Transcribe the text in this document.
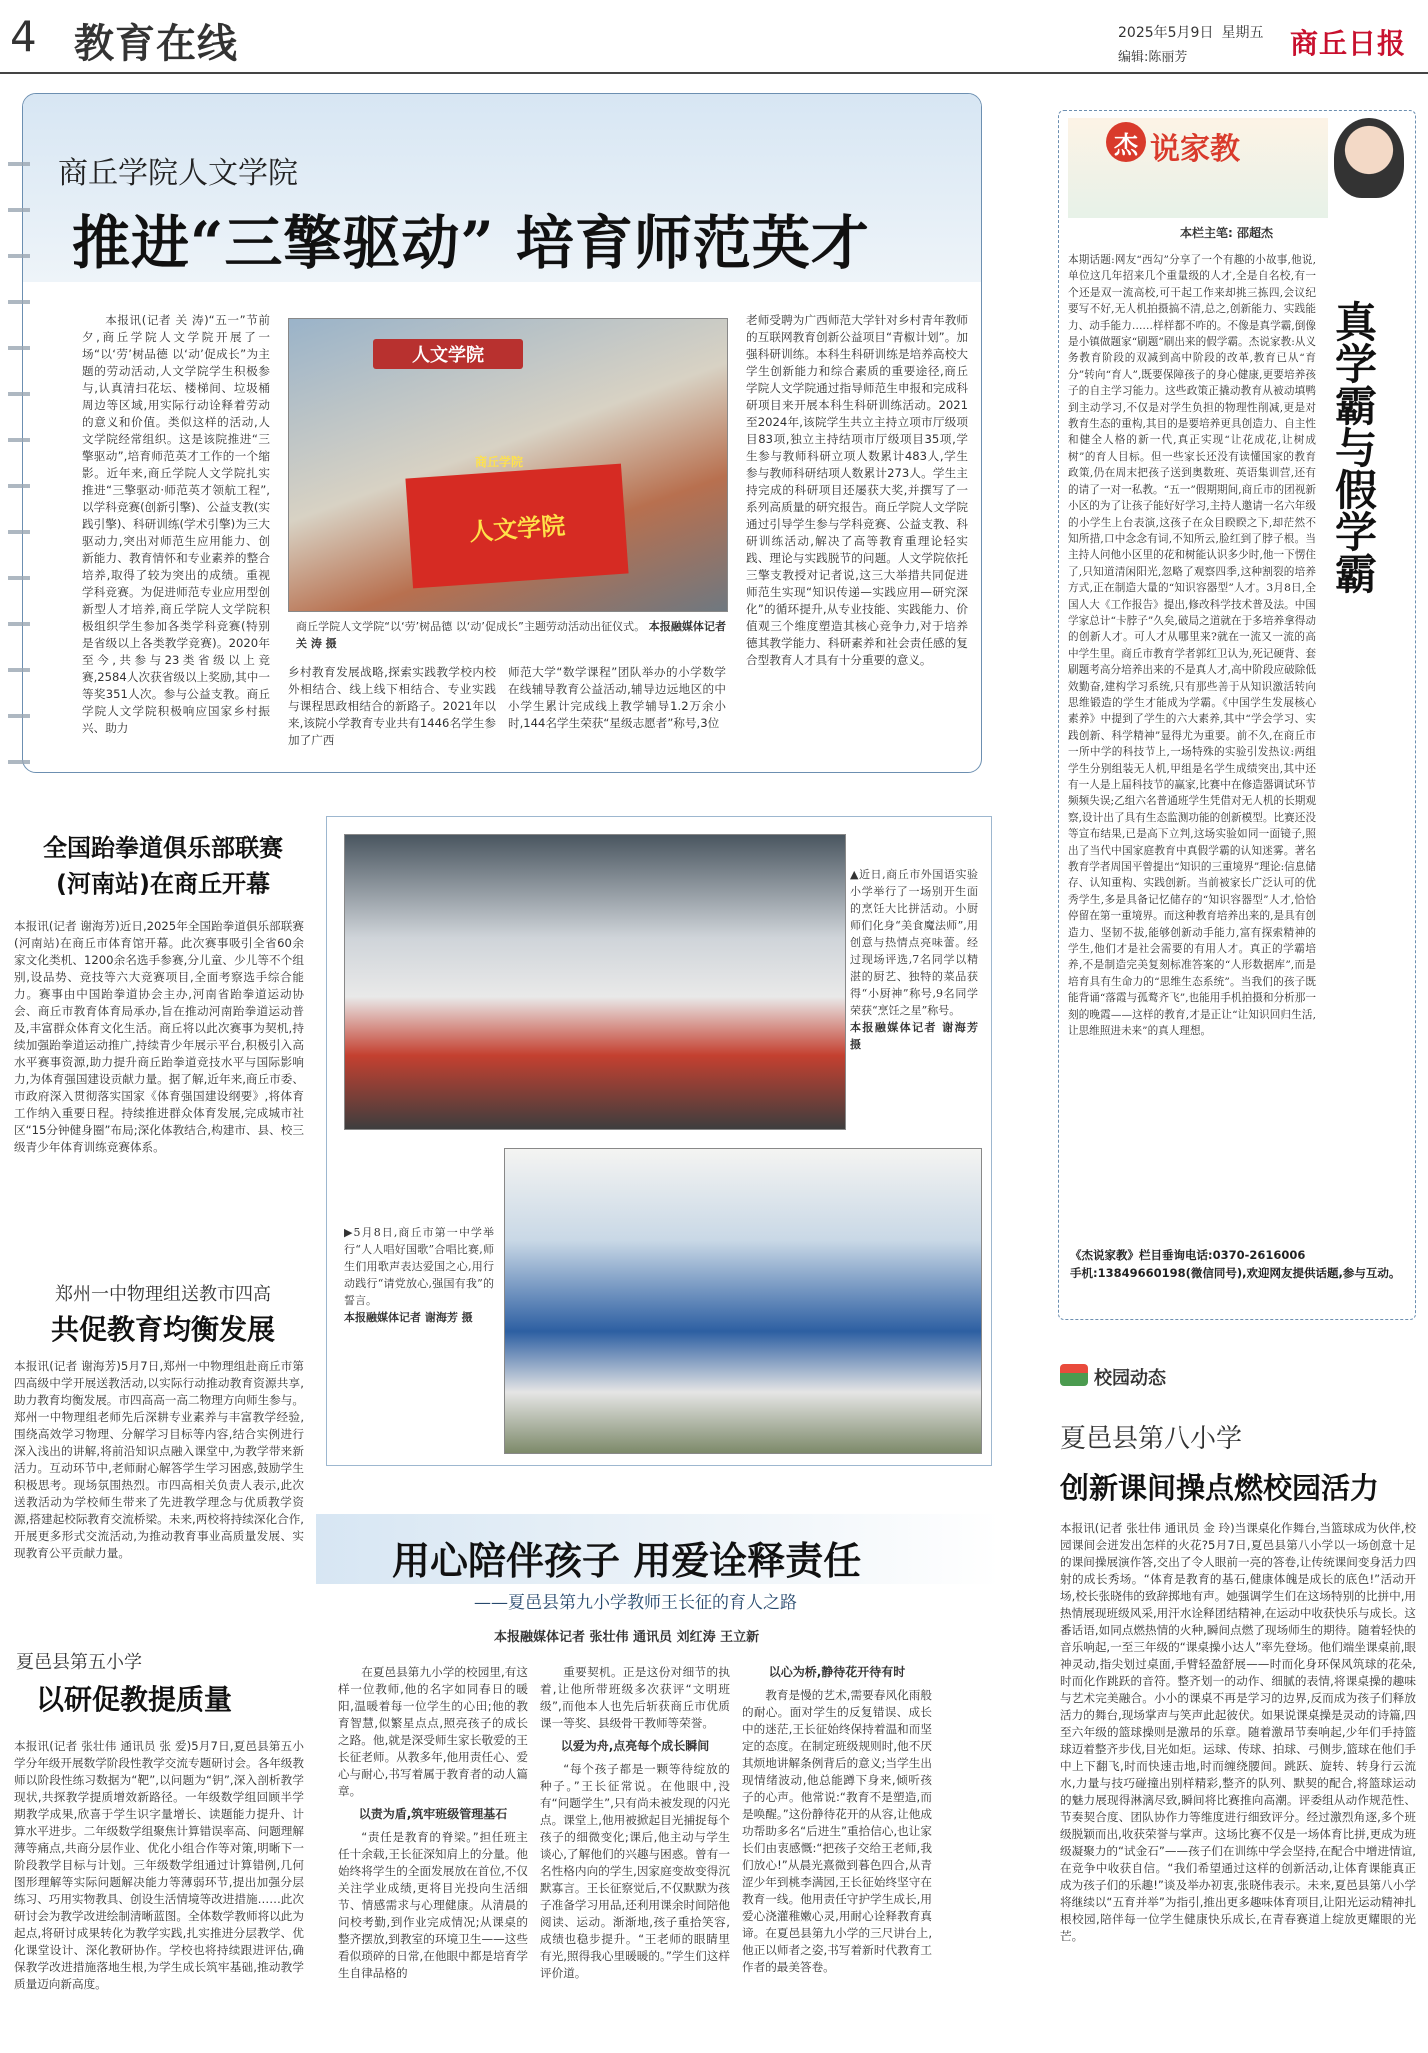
4 教育在线	2025年5月9日 星期五
编辑:陈丽芳	商丘日报
商丘学院人文学院
推进“三擎驱动” 培育师范英才

本报讯(记者 关 涛)“五一”节前夕,商丘学院人文学院开展了一场“以‘劳’树品德 以‘动’促成长”为主题的劳动活动,人文学院学生积极参与,认真清扫花坛、楼梯间、垃圾桶周边等区域,用实际行动诠释着劳动的意义和价值。类似这样的活动,人文学院经常组织。这是该院推进“三擎驱动”,培育师范英才工作的一个缩影。近年来,商丘学院人文学院扎实推进“三擎驱动·师范英才领航工程”,以学科竞赛(创新引擎)、公益支教(实践引擎)、科研训练(学术引擎)为三大驱动力,突出对师范生应用能力、创新能力、教育情怀和专业素养的整合培养,取得了较为突出的成绩。重视学科竞赛。为促进师范专业应用型创新型人才培养,商丘学院人文学院积极组织学生参加各类学科竞赛(特别是省级以上各类教学竞赛)。2020年至今,共参与23类省级以上竞赛,2584人次获省级以上奖励,其中一等奖351人次。参与公益支教。商丘学院人文学院积极响应国家乡村振兴、助力

人文学院
人文学院
商丘学院
商丘学院人文学院“以‘劳’树品德 以‘动’促成长”主题劳动活动出征仪式。 本报融媒体记者 关 涛 摄
乡村教育发展战略,探索实践教学校内校外相结合、线上线下相结合、专业实践与课程思政相结合的新路子。2021年以来,该院小学教育专业共有1446名学生参加了广西
师范大学“数学课程”团队举办的小学数学在线辅导教育公益活动,辅导边远地区的中小学生累计完成线上教学辅导1.2万余小时,144名学生荣获“星级志愿者”称号,3位
老师受聘为广西师范大学针对乡村青年教师的互联网教育创新公益项目“青椒计划”。加强科研训练。本科生科研训练是培养高校大学生创新能力和综合素质的重要途径,商丘学院人文学院通过指导师范生申报和完成科研项目来开展本科生科研训练活动。2021至2024年,该院学生共立主持立项市厅级项目83项,独立主持结项市厅级项目35项,学生参与教师科研立项人数累计483人,学生参与教师科研结项人数累计273人。学生主持完成的科研项目还屡获大奖,并撰写了一系列高质量的研究报告。商丘学院人文学院通过引导学生参与学科竞赛、公益支教、科研训练活动,解决了高等教育重理论轻实践、理论与实践脱节的问题。人文学院依托三擎支教授对记者说,这三大举措共同促进师范生实现“知识传递—实践应用—研究深化”的循环提升,从专业技能、实践能力、价值观三个维度塑造其核心竞争力,对于培养德其教学能力、科研素养和社会责任感的复合型教育人才具有十分重要的意义。
杰 说家教
本栏主笔: 邵超杰
本期话题:网友“西勾”分享了一个有趣的小故事,他说,单位这几年招来几个重量级的人才,全是自名校,有一个还是双一流高校,可干起工作来却挑三拣四,会议纪要写不好,无人机拍摄搞不清,总之,创新能力、实践能力、动手能力……样样都不咋的。不像是真学霸,倒像是小镇做题家“刷题”刷出来的假学霸。杰说家教:从义务教育阶段的双减到高中阶段的改革,教育已从“育分”转向“育人”,既要保障孩子的身心健康,更要培养孩子的自主学习能力。这些政策正撬动教育从被动填鸭到主动学习,不仅是对学生负担的物理性削减,更是对教育生态的重构,其目的是要培养更具创造力、自主性和健全人格的新一代,真正实现“让花成花,让树成树”的育人目标。但一些家长还没有读懂国家的教育政策,仍在周末把孩子送到奥数班、英语集训营,还有的请了一对一私教。“五一”假期期间,商丘市的团视新小区的为了让孩子能好好学习,主持人邀请一名六年级的小学生上台表演,这孩子在众目睽睽之下,却茫然不知所措,口中念念有词,不知所云,脸红到了脖子根。当主持人问他小区里的花和树能认识多少时,他一下愣住了,只知道清闲阳光,忽略了观察四季,这种割裂的培养方式,正在制造大量的“知识容器型”人才。3月8日,全国人大《工作报告》提出,修改科学技术普及法。中国学家总计“卡脖子”久矣,破局之道就在于多培养拿得动的创新人才。可人才从哪里来?就在一流又一流的高中学生里。商丘市教育学者郭红卫认为,死记硬背、套刷题考高分培养出来的不是真人才,高中阶段应破除低效勤奋,建构学习系统,只有那些善于从知识激活转向思维锻造的学生才能成为学霸。《中国学生发展核心素养》中提到了学生的六大素养,其中“学会学习、实践创新、科学精神”显得尤为重要。前不久,在商丘市一所中学的科技节上,一场特殊的实验引发热议:两组学生分别组装无人机,甲组是名学生成绩突出,其中还有一人是上届科技节的赢家,比赛中在修造器调试环节频频失误;乙组六名普通班学生凭借对无人机的长期观察,设计出了具有生态监测功能的创新模型。比赛还没等宣布结果,已是高下立判,这场实验如同一面镜子,照出了当代中国家庭教育中真假学霸的认知迷雾。著名教育学者周国平曾提出“知识的三重境界”理论:信息储存、认知重构、实践创新。当前被家长广泛认可的优秀学生,多是具备记忆储存的“知识容器型”人才,恰恰停留在第一重境界。而这种教育培养出来的,是具有创造力、坚韧不拔,能够创新动手能力,富有探索精神的学生,他们才是社会需要的有用人才。真正的学霸培养,不是制造完美复刻标准答案的“人形数据库”,而是培育具有生命力的“思维生态系统”。当我们的孩子既能背诵“落霞与孤鹜齐飞”,也能用手机拍摄和分析那一刻的晚霞——这样的教育,才是正让“让知识回归生活,让思维照进未来”的真人理想。
真学霸与假学霸
《杰说家教》栏目垂询电话:0370-2616006
手机:13849660198(微信同号),欢迎网友提供话题,参与互动。
全国跆拳道俱乐部联赛
(河南站)在商丘开幕
本报讯(记者 谢海芳)近日,2025年全国跆拳道俱乐部联赛(河南站)在商丘市体育馆开幕。此次赛事吸引全省60余家文化类机、1200余名选手参赛,分儿童、少儿等不个组别,设品势、竞技等六大竞赛项目,全面考察选手综合能力。赛事由中国跆拳道协会主办,河南省跆拳道运动协会、商丘市教育体育局承办,旨在推动河南跆拳道运动普及,丰富群众体育文化生活。商丘将以此次赛事为契机,持续加强跆拳道运动推广,持续青少年展示平台,积极引入高水平赛事资源,助力提升商丘跆拳道竞技水平与国际影响力,为体育强国建设贡献力量。据了解,近年来,商丘市委、市政府深入贯彻落实国家《体育强国建设纲要》,将体育工作纳入重要日程。持续推进群众体育发展,完成城市社区“15分钟健身圈”布局;深化体教结合,构建市、县、校三级青少年体育训练竞赛体系。
▲近日,商丘市外国语实验小学举行了一场别开生面的烹饪大比拼活动。小厨师们化身“美食魔法师”,用创意与热情点亮味蕾。经过现场评选,7名同学以精湛的厨艺、独特的菜品获得“小厨神”称号,9名同学荣获“烹饪之星”称号。
本报融媒体记者 谢海芳 摄
▶5月8日,商丘市第一中学举行“人人唱好国歌”合唱比赛,师生们用歌声表达爱国之心,用行动践行“请党放心,强国有我”的誓言。
本报融媒体记者 谢海芳 摄
郑州一中物理组送教市四高
共促教育均衡发展
本报讯(记者 谢海芳)5月7日,郑州一中物理组赴商丘市第四高级中学开展送教活动,以实际行动推动教育资源共享,助力教育均衡发展。市四高高一高二物理方向师生参与。郑州一中物理组老师先后深耕专业素养与丰富教学经验,围绕高效学习物理、分解学习目标等内容,结合实例进行深入浅出的讲解,将前沿知识点融入课堂中,为教学带来新活力。互动环节中,老师耐心解答学生学习困惑,鼓励学生积极思考。现场氛围热烈。市四高相关负责人表示,此次送教活动为学校师生带来了先进教学理念与优质教学资源,搭建起校际教育交流桥梁。未来,两校将持续深化合作,开展更多形式交流活动,为推动教育事业高质量发展、实现教育公平贡献力量。
夏邑县第五小学
以研促教提质量
本报讯(记者 张壮伟 通讯员 张 爱)5月7日,夏邑县第五小学分年级开展数学阶段性教学交流专题研讨会。各年级教师以阶段性练习数据为“靶”,以问题为“钥”,深入剖析教学现状,共探教学提质增效新路径。一年级数学组回顾半学期教学成果,欣喜于学生识字量增长、读题能力提升、计算水平进步。二年级数学组聚焦计算错误率高、问题理解薄等痛点,共商分层作业、优化小组合作等对策,明晰下一阶段教学目标与计划。三年级数学组通过计算错例,几何图形理解等实际问题解决能力等薄弱环节,提出加强分层练习、巧用实物教具、创设生活情境等改进措施……此次研讨会为教学改进绘制清晰蓝图。全体数学教师将以此为起点,将研讨成果转化为教学实践,扎实推进分层教学、优化课堂设计、深化教研协作。学校也将持续跟进评估,确保教学改进措施落地生根,为学生成长筑牢基础,推动教学质量迈向新高度。
用心陪伴孩子 用爱诠释责任
——夏邑县第九小学教师王长征的育人之路
本报融媒体记者 张壮伟 通讯员 刘红涛 王立新

在夏邑县第九小学的校园里,有这样一位教师,他的名字如同春日的暖阳,温暖着每一位学生的心田;他的教育智慧,似繁星点点,照亮孩子的成长之路。他,就是深受师生家长敬爱的王长征老师。从教多年,他用责任心、爱心与耐心,书写着属于教育者的动人篇章。

以责为盾,筑牢班级管理基石

“责任是教育的脊梁。”担任班主任十余载,王长征深知肩上的分量。他始终将学生的全面发展放在首位,不仅关注学业成绩,更将目光投向生活细节、情感需求与心理健康。从清晨的问校考勤,到作业完成情况;从课桌的整齐摆放,到教室的环境卫生——这些看似琐碎的日常,在他眼中都是培育学生自律品格的

重要契机。正是这份对细节的执着,让他所带班级多次获评“文明班级”,而他本人也先后斩获商丘市优质课一等奖、县级骨干教师等荣誉。

以爱为舟,点亮每个成长瞬间

“每个孩子都是一颗等待绽放的种子。”王长征常说。在他眼中,没有“问题学生”,只有尚未被发现的闪光点。课堂上,他用被掀起目光捕捉每个孩子的细微变化;课后,他主动与学生谈心,了解他们的兴趣与困惑。曾有一名性格内向的学生,因家庭变故变得沉默寡言。王长征察觉后,不仅默默为孩子准备学习用品,还利用课余时间陪他阅读、运动。渐渐地,孩子重拾笑容,成绩也稳步提升。“王老师的眼睛里有光,照得我心里暖暖的。”学生们这样评价道。

以心为桥,静待花开待有时

教育是慢的艺术,需要春风化雨般的耐心。面对学生的反复错误、成长中的迷茫,王长征始终保持着温和而坚定的态度。在制定班级规则时,他不厌其烦地讲解条例背后的意义;当学生出现情绪波动,他总能蹲下身来,倾听孩子的心声。他常说:“教育不是塑造,而是唤醒。”这份静待花开的从容,让他成功帮助多名“后进生”重拾信心,也让家长们由衷感慨:“把孩子交给王老师,我们放心!”从晨光熹微到暮色四合,从青涩少年到桃李满园,王长征始终坚守在教育一线。他用责任守护学生成长,用爱心浇灌稚嫩心灵,用耐心诠释教育真谛。在夏邑县第九小学的三尺讲台上,他正以师者之姿,书写着新时代教育工作者的最美答卷。

校园动态
夏邑县第八小学
创新课间操点燃校园活力
本报讯(记者 张壮伟 通讯员 金 玲)当课桌化作舞台,当篮球成为伙伴,校园课间会迸发出怎样的火花?5月7日,夏邑县第八小学以一场创意十足的课间操展演作答,交出了令人眼前一亮的答卷,让传统课间变身活力四射的成长秀场。“体育是教育的基石,健康体魄是成长的底色!”活动开场,校长张晓伟的致辞掷地有声。她强调学生们在这场特别的比拼中,用热情展现班级风采,用汗水诠释团结精神,在运动中收获快乐与成长。这番话语,如同点燃热情的火种,瞬间点燃了现场师生的期待。随着轻快的音乐响起,一至三年级的“课桌操小达人”率先登场。他们端坐课桌前,眼神灵动,指尖划过桌面,手臂轻盈舒展——时而化身环保风筑球的花朵,时而化作跳跃的音符。整齐划一的动作、细腻的表情,将课桌操的趣味与艺术完美融合。小小的课桌不再是学习的边界,反而成为孩子们释放活力的舞台,现场掌声与笑声此起彼伏。如果说课桌操是灵动的诗篇,四至六年级的篮球操则是激昂的乐章。随着激昂节奏响起,少年们手持篮球迈着整齐步伐,目光如炬。运球、传球、拍球、弓侧步,篮球在他们手中上下翻飞,时而快速击地,时而缠绕腰间。跳跃、旋转、转身行云流水,力量与技巧碰撞出别样精彩,整齐的队列、默契的配合,将篮球运动的魅力展现得淋漓尽致,瞬间将比赛推向高潮。评委组从动作规范性、节奏契合度、团队协作力等维度进行细致评分。经过激烈角逐,多个班级脱颖而出,收获荣誉与掌声。这场比赛不仅是一场体育比拼,更成为班级凝聚力的“试金石”——孩子们在训练中学会坚持,在配合中增进情谊,在竞争中收获自信。“我们希望通过这样的创新活动,让体育课能真正成为孩子们的乐趣!”谈及举办初衷,张晓伟表示。未来,夏邑县第八小学将继续以“五育并举”为指引,推出更多趣味体育项目,让阳光运动精神扎根校园,陪伴每一位学生健康快乐成长,在青春赛道上绽放更耀眼的光芒。
